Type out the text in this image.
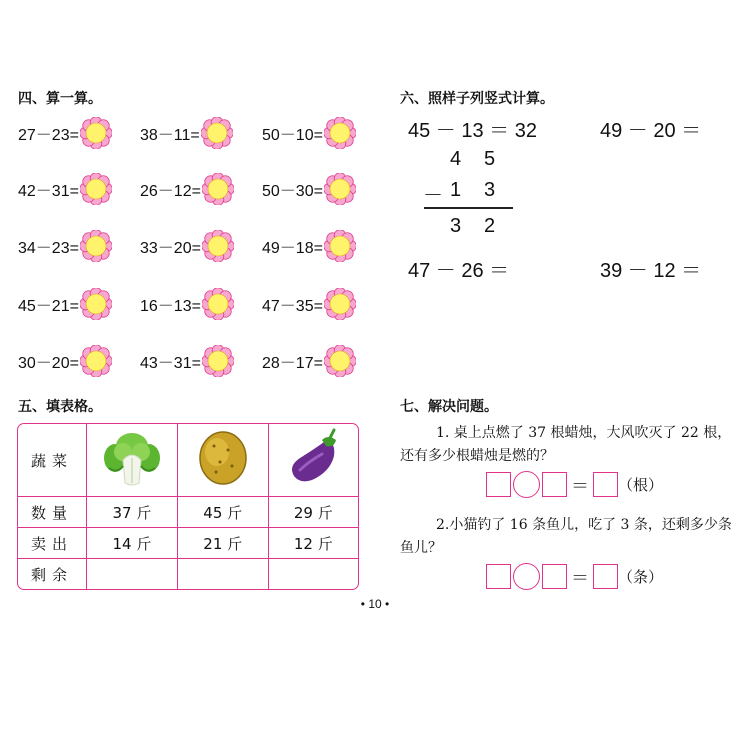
四、算一算。
27－23=	38－11=	50－10=
42－31=	26－12=	50－30=
34－23=	33－20=	49－18=
45－21=	16－13=	47－35=
30－20=	43－31=	28－17=
五、填表格。
蔬菜			
数量	37 斤	45 斤	29 斤
卖出	14 斤	21 斤	12 斤
剩余			
六、照样子列竖式计算。
45 － 13 ＝ 32	49 － 20 ＝
4 5
－ 1 3
3 2
47 － 26 ＝	39 － 12 ＝
七、解决问题。
1. 桌上点燃了 37 根蜡烛，大风吹灭了 22 根，
还有多少根蜡烛是燃的？
＝ （根）
2.小猫钓了 16 条鱼儿，吃了 3 条，还剩多少条
鱼儿？
＝ （条）
• 10 •
